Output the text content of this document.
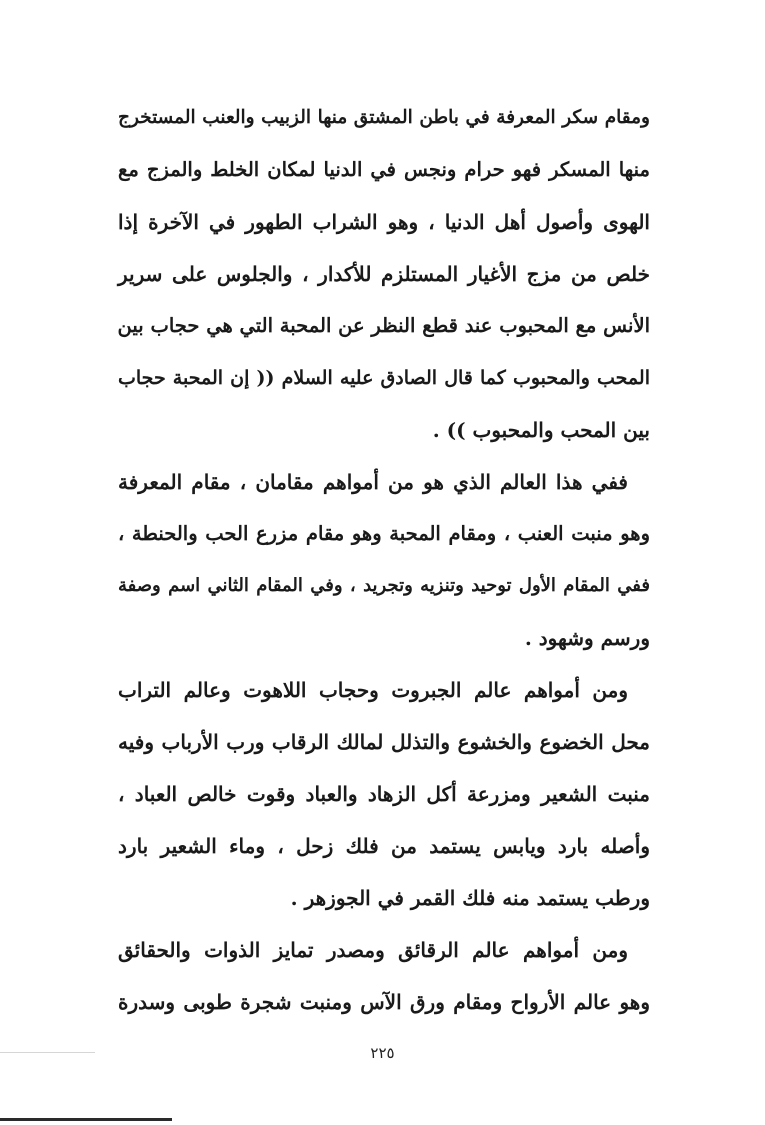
ومقام سكر المعرفة في باطن المشتق منها الزبيب والعنب المستخرج
منها المسكر فهو حرام ونجس في الدنيا لمكان الخلط والمزج مع
الهوى وأصول أهل الدنيا ، وهو الشراب الطهور في الآخرة إذا
خلص من مزج الأغيار المستلزم للأكدار ، والجلوس على سرير
الأنس مع المحبوب عند قطع النظر عن المحبة التي هي حجاب بين
المحب والمحبوب كما قال الصادق عليه السلام (( إن المحبة حجاب
بين المحب والمحبوب )) .
ففي هذا العالم الذي هو من أمواهم مقامان ، مقام المعرفة
وهو منبت العنب ، ومقام المحبة وهو مقام مزرع الحب والحنطة ،
ففي المقام الأول توحيد وتنزيه وتجريد ، وفي المقام الثاني اسم وصفة
ورسم وشهود .
ومن أمواهم عالم الجبروت وحجاب اللاهوت وعالم التراب
محل الخضوع والخشوع والتذلل لمالك الرقاب ورب الأرباب وفيه
منبت الشعير ومزرعة أكل الزهاد والعباد وقوت خالص العباد ،
وأصله بارد ويابس يستمد من فلك زحل ، وماء الشعير بارد
ورطب يستمد منه فلك القمر في الجوزهر .
ومن أمواهم عالم الرقائق ومصدر تمايز الذوات والحقائق
وهو عالم الأرواح ومقام ورق الآس ومنبت شجرة طوبى وسدرة
٢٢٥
